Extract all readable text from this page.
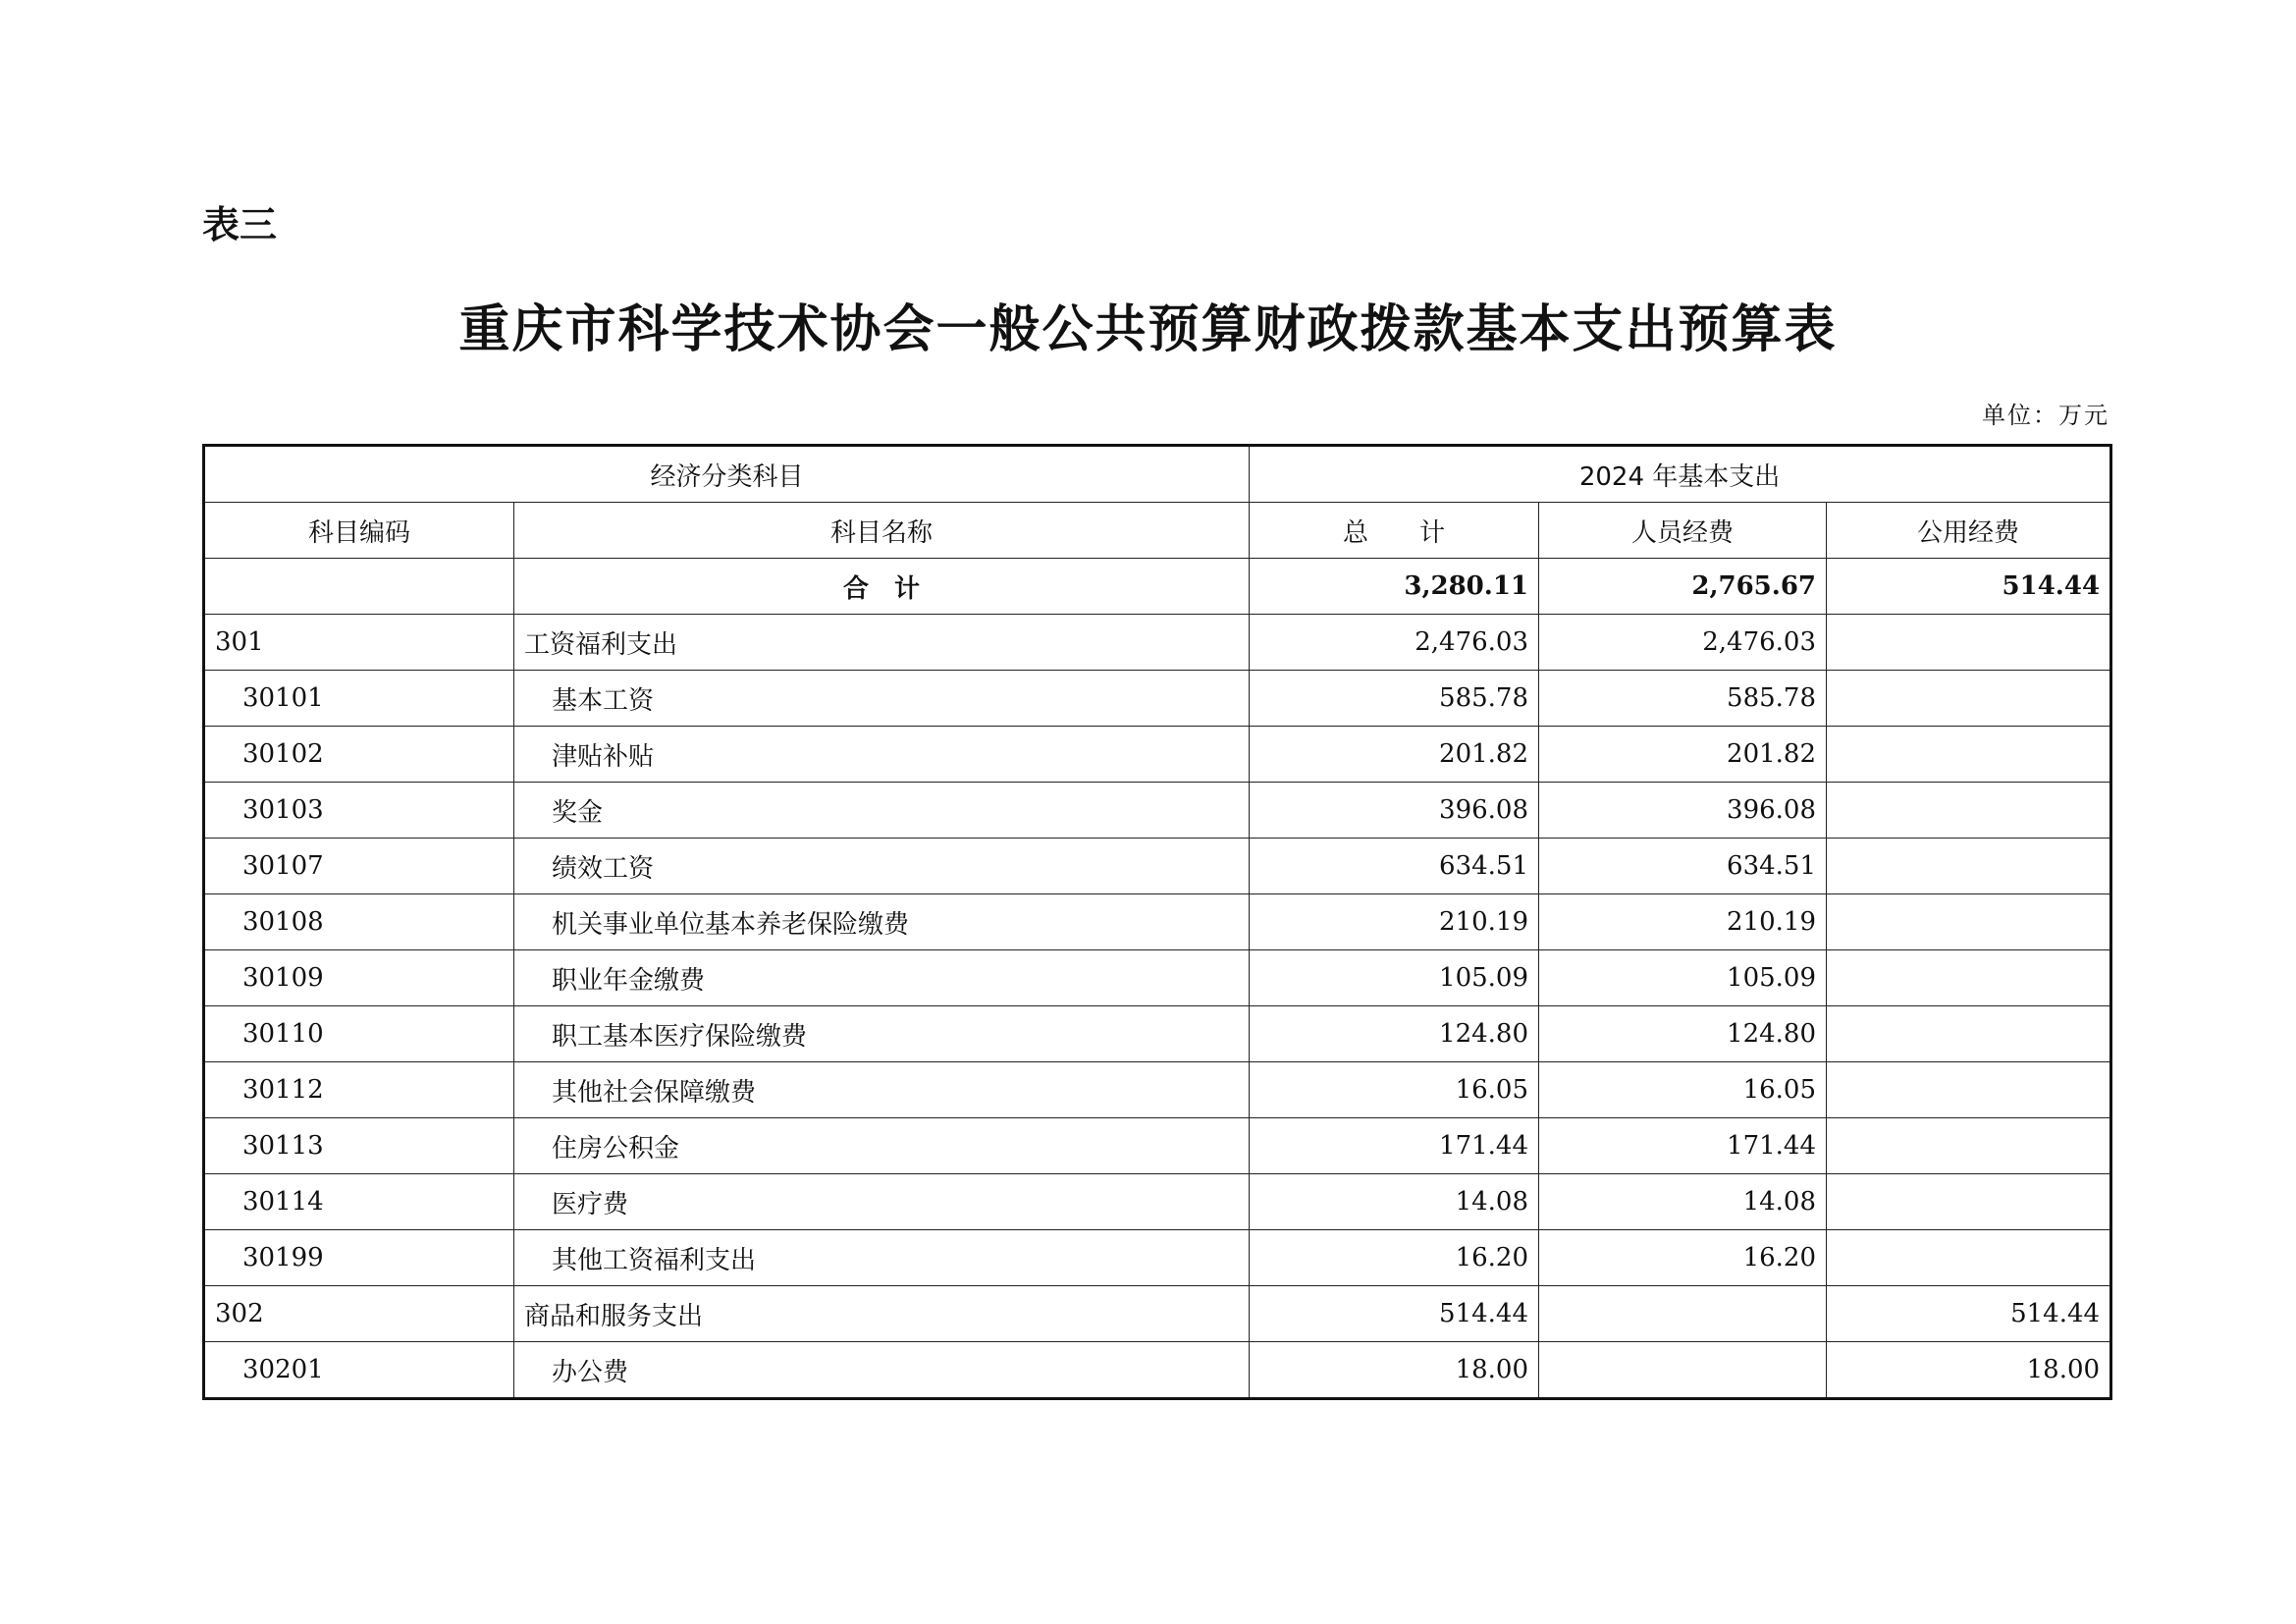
表三
重庆市科学技术协会一般公共预算财政拨款基本支出预算表
单位：万元
经济分类科目		2024 年基本支出		
科目编码	科目名称	总　　计	人员经费	公用经费
	合　计	3,280.11	2,765.67	514.44
301	工资福利支出	2,476.03	2,476.03	
30101	基本工资	585.78	585.78	
30102	津贴补贴	201.82	201.82	
30103	奖金	396.08	396.08	
30107	绩效工资	634.51	634.51	
30108	机关事业单位基本养老保险缴费	210.19	210.19	
30109	职业年金缴费	105.09	105.09	
30110	职工基本医疗保险缴费	124.80	124.80	
30112	其他社会保障缴费	16.05	16.05	
30113	住房公积金	171.44	171.44	
30114	医疗费	14.08	14.08	
30199	其他工资福利支出	16.20	16.20	
302	商品和服务支出	514.44		514.44
30201	办公费	18.00		18.00
